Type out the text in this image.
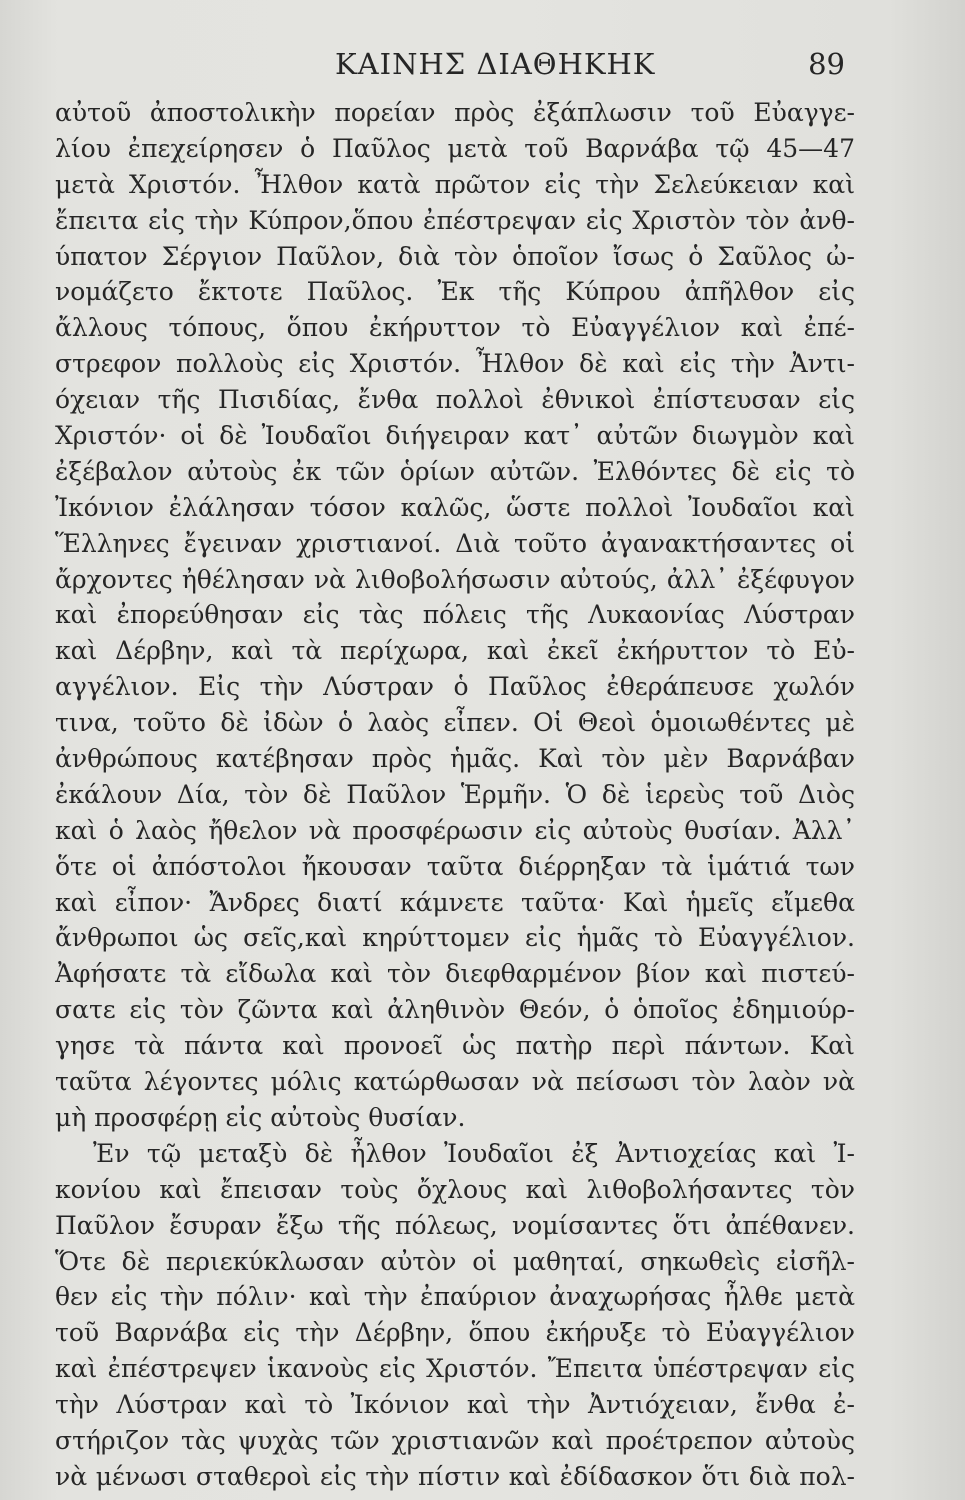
ΚΑΙΝΗΣ ΔΙΑΘΗΚΗΚ	89
αὐτοῦ ἀποστολικὴν πορείαν πρὸς ἐξάπλωσιν τοῦ Εὐαγγε-
λίου ἐπεχείρησεν ὁ Παῦλος μετὰ τοῦ Βαρνάβα τῷ 45—47
μετὰ Χριστόν. Ἦλθον κατὰ πρῶτον εἰς τὴν Σελεύκειαν καὶ
ἔπειτα εἰς τὴν Κύπρον,ὅπου ἐπέστρεψαν εἰς Χριστὸν τὸν ἀνθ-
ύπατον Σέργιον Παῦλον, διὰ τὸν ὁποῖον ἴσως ὁ Σαῦλος ὠ-
νομάζετο ἔκτοτε Παῦλος. Ἐκ τῆς Κύπρου ἀπῆλθον εἰς
ἄλλους τόπους, ὅπου ἐκήρυττον τὸ Εὐαγγέλιον καὶ ἐπέ-
στρεφον πολλοὺς εἰς Χριστόν. Ἦλθον δὲ καὶ εἰς τὴν Ἀντι-
όχειαν τῆς Πισιδίας, ἔνθα πολλοὶ ἐθνικοὶ ἐπίστευσαν εἰς
Χριστόν· οἱ δὲ Ἰουδαῖοι διήγειραν κατ᾽ αὐτῶν διωγμὸν καὶ
ἐξέβαλον αὐτοὺς ἐκ τῶν ὁρίων αὐτῶν. Ἐλθόντες δὲ εἰς τὸ
Ἰκόνιον ἐλάλησαν τόσον καλῶς, ὥστε πολλοὶ Ἰουδαῖοι καὶ
Ἕλληνες ἔγειναν χριστιανοί. Διὰ τοῦτο ἀγανακτήσαντες οἱ
ἄρχοντες ἠθέλησαν νὰ λιθοβολήσωσιν αὐτούς, ἀλλ᾽ ἐξέφυγον
καὶ ἐπορεύθησαν εἰς τὰς πόλεις τῆς Λυκαονίας Λύστραν
καὶ Δέρβην, καὶ τὰ περίχωρα, καὶ ἐκεῖ ἐκήρυττον τὸ Εὐ-
αγγέλιον. Εἰς τὴν Λύστραν ὁ Παῦλος ἐθεράπευσε χωλόν
τινα, τοῦτο δὲ ἰδὼν ὁ λαὸς εἶπεν. Οἱ Θεοὶ ὁμοιωθέντες μὲ
ἀνθρώπους κατέβησαν πρὸς ἡμᾶς. Καὶ τὸν μὲν Βαρνάβαν
ἐκάλουν Δία, τὸν δὲ Παῦλον Ἑρμῆν. Ὁ δὲ ἱερεὺς τοῦ Διὸς
καὶ ὁ λαὸς ἤθελον νὰ προσφέρωσιν εἰς αὐτοὺς θυσίαν. Ἀλλ᾽
ὅτε οἱ ἀπόστολοι ἤκουσαν ταῦτα διέρρηξαν τὰ ἱμάτιά των
καὶ εἶπον· Ἄνδρες διατί κάμνετε ταῦτα· Καὶ ἡμεῖς εἴμεθα
ἄνθρωποι ὡς σεῖς,καὶ κηρύττομεν εἰς ἡμᾶς τὸ Εὐαγγέλιον.
Ἀφήσατε τὰ εἴδωλα καὶ τὸν διεφθαρμένον βίον καὶ πιστεύ-
σατε εἰς τὸν ζῶντα καὶ ἀληθινὸν Θεόν, ὁ ὁποῖος ἐδημιούρ-
γησε τὰ πάντα καὶ προνοεῖ ὡς πατὴρ περὶ πάντων. Καὶ
ταῦτα λέγοντες μόλις κατώρθωσαν νὰ πείσωσι τὸν λαὸν νὰ
μὴ προσφέρῃ εἰς αὐτοὺς θυσίαν.
Ἐν τῷ μεταξὺ δὲ ἦλθον Ἰουδαῖοι ἐξ Ἀντιοχείας καὶ Ἰ-
κονίου καὶ ἔπεισαν τοὺς ὄχλους καὶ λιθοβολήσαντες τὸν
Παῦλον ἔσυραν ἔξω τῆς πόλεως, νομίσαντες ὅτι ἀπέθανεν.
Ὅτε δὲ περιεκύκλωσαν αὐτὸν οἱ μαθηταί, σηκωθεὶς εἰσῆλ-
θεν εἰς τὴν πόλιν· καὶ τὴν ἐπαύριον ἀναχωρήσας ἦλθε μετὰ
τοῦ Βαρνάβα εἰς τὴν Δέρβην, ὅπου ἐκήρυξε τὸ Εὐαγγέλιον
καὶ ἐπέστρεψεν ἱκανοὺς εἰς Χριστόν. Ἔπειτα ὑπέστρεψαν εἰς
τὴν Λύστραν καὶ τὸ Ἰκόνιον καὶ τὴν Ἀντιόχειαν, ἔνθα ἐ-
στήριζον τὰς ψυχὰς τῶν χριστιανῶν καὶ προέτρεπον αὐτοὺς
νὰ μένωσι σταθεροὶ εἰς τὴν πίστιν καὶ ἐδίδασκον ὅτι διὰ πολ-
